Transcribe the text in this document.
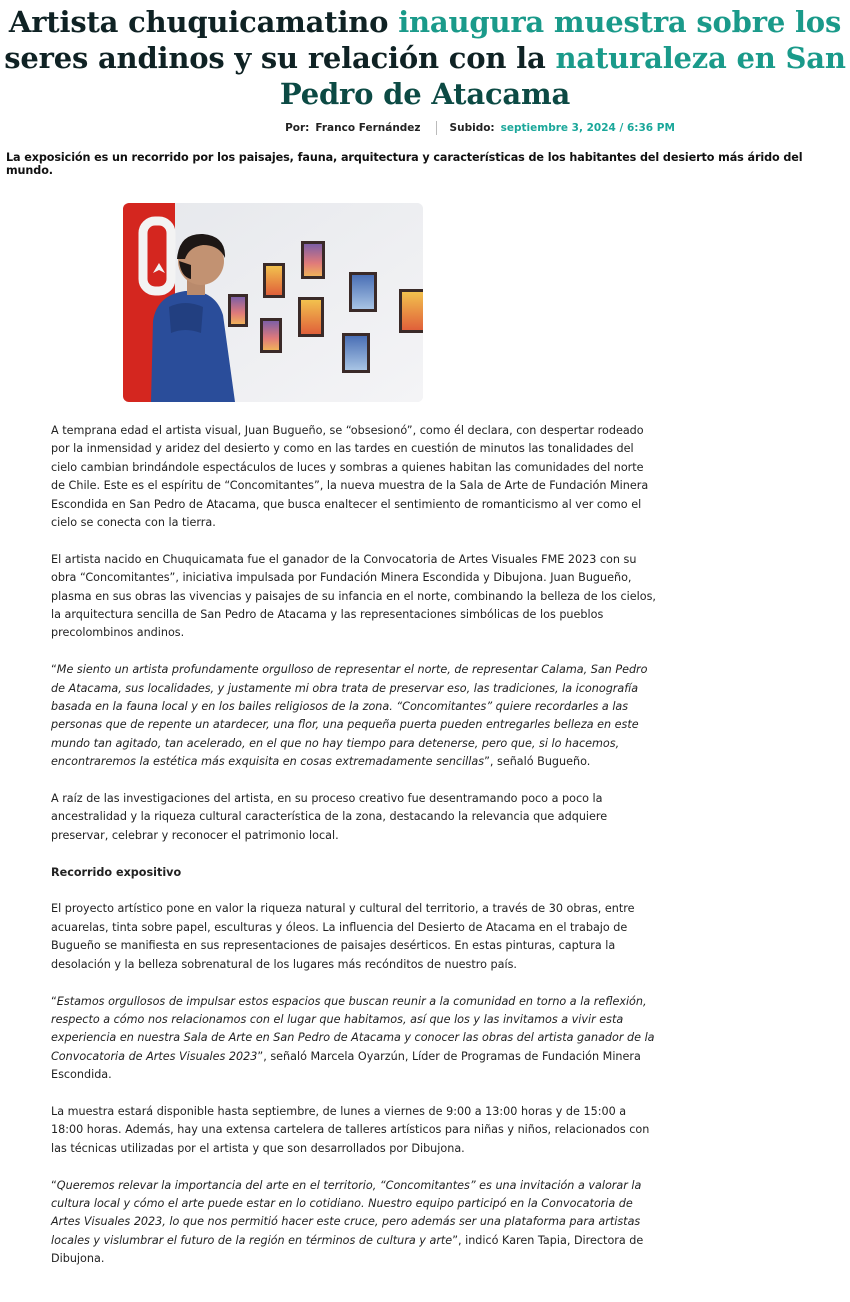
Artista chuquicamatino inaugura muestra sobre los
seres andinos y su relación con la naturaleza en San
Pedro de Atacama
Por: Franco Fernández	Subido: septiembre 3, 2024 / 6:36 PM
La exposición es un recorrido por los paisajes, fauna, arquitectura y características de los habitantes del desierto más árido del mundo.

A temprana edad el artista visual, Juan Bugueño, se “obsesionó”, como él declara, con despertar rodeado por la inmensidad y aridez del desierto y como en las tardes en cuestión de minutos las tonalidades del cielo cambian brindándole espectáculos de luces y sombras a quienes habitan las comunidades del norte de Chile. Este es el espíritu de “Concomitantes”, la nueva muestra de la Sala de Arte de Fundación Minera Escondida en San Pedro de Atacama, que busca enaltecer el sentimiento de romanticismo al ver como el cielo se conecta con la tierra.

El artista nacido en Chuquicamata fue el ganador de la Convocatoria de Artes Visuales FME 2023 con su obra “Concomitantes”, iniciativa impulsada por Fundación Minera Escondida y Dibujona. Juan Bugueño, plasma en sus obras las vivencias y paisajes de su infancia en el norte, combinando la belleza de los cielos, la arquitectura sencilla de San Pedro de Atacama y las representaciones simbólicas de los pueblos precolombinos andinos.

“Me siento un artista profundamente orgulloso de representar el norte, de representar Calama, San Pedro de Atacama, sus localidades, y justamente mi obra trata de preservar eso, las tradiciones, la iconografía basada en la fauna local y en los bailes religiosos de la zona. “Concomitantes” quiere recordarles a las personas que de repente un atardecer, una flor, una pequeña puerta pueden entregarles belleza en este mundo tan agitado, tan acelerado, en el que no hay tiempo para detenerse, pero que, si lo hacemos, encontraremos la estética más exquisita en cosas extremadamente sencillas”, señaló Bugueño.

A raíz de las investigaciones del artista, en su proceso creativo fue desentramando poco a poco la ancestralidad y la riqueza cultural característica de la zona, destacando la relevancia que adquiere preservar, celebrar y reconocer el patrimonio local.

Recorrido expositivo

El proyecto artístico pone en valor la riqueza natural y cultural del territorio, a través de 30 obras, entre acuarelas, tinta sobre papel, esculturas y óleos. La influencia del Desierto de Atacama en el trabajo de Bugueño se manifiesta en sus representaciones de paisajes desérticos. En estas pinturas, captura la desolación y la belleza sobrenatural de los lugares más recónditos de nuestro país.

“Estamos orgullosos de impulsar estos espacios que buscan reunir a la comunidad en torno a la reflexión, respecto a cómo nos relacionamos con el lugar que habitamos, así que los y las invitamos a vivir esta experiencia en nuestra Sala de Arte en San Pedro de Atacama y conocer las obras del artista ganador de la Convocatoria de Artes Visuales 2023”, señaló Marcela Oyarzún, Líder de Programas de Fundación Minera Escondida.

La muestra estará disponible hasta septiembre, de lunes a viernes de 9:00 a 13:00 horas y de 15:00 a 18:00 horas. Además, hay una extensa cartelera de talleres artísticos para niñas y niños, relacionados con las técnicas utilizadas por el artista y que son desarrollados por Dibujona.

“Queremos relevar la importancia del arte en el territorio, “Concomitantes” es una invitación a valorar la cultura local y cómo el arte puede estar en lo cotidiano. Nuestro equipo participó en la Convocatoria de Artes Visuales 2023, lo que nos permitió hacer este cruce, pero además ser una plataforma para artistas locales y vislumbrar el futuro de la región en términos de cultura y arte”, indicó Karen Tapia, Directora de Dibujona.
